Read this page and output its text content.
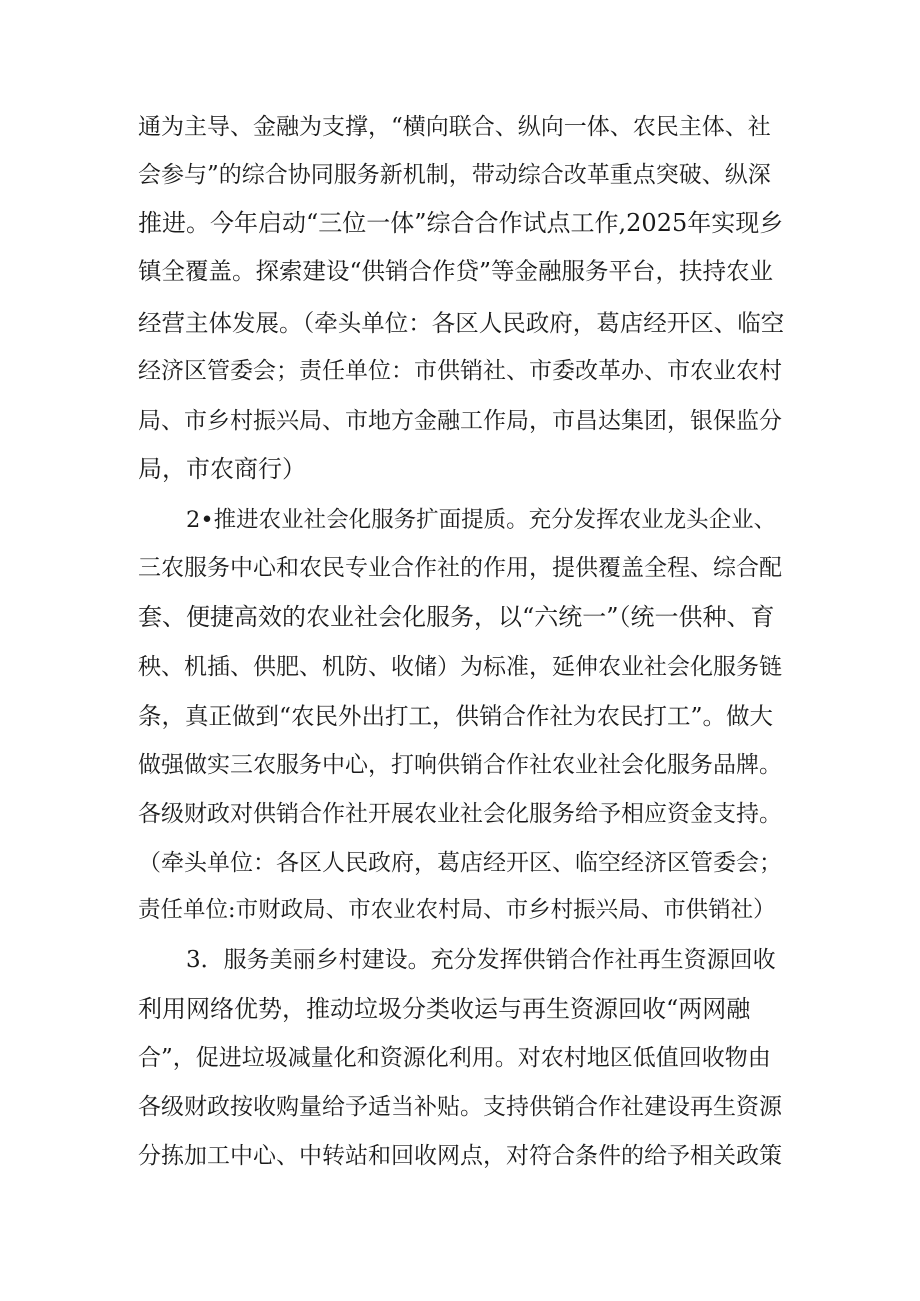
通为主导、金融为支撑，“横向联合、纵向一体、农民主体、社
会参与”的综合协同服务新机制，带动综合改革重点突破、纵深
推进。今年启动“三位一体”综合合作试点工作,2025年实现乡
镇全覆盖。探索建设“供销合作贷”等金融服务平台，扶持农业
经营主体发展。（牵头单位：各区人民政府，葛店经开区、临空
经济区管委会；责任单位：市供销社、市委改革办、市农业农村
局、市乡村振兴局、市地方金融工作局，市昌达集团，银保监分
局，市农商行）
2•推进农业社会化服务扩面提质。充分发挥农业龙头企业、
三农服务中心和农民专业合作社的作用，提供覆盖全程、综合配
套、便捷高效的农业社会化服务，以“六统一”（统一供种、育
秧、机插、供肥、机防、收储）为标准，延伸农业社会化服务链
条，真正做到“农民外出打工，供销合作社为农民打工”。做大
做强做实三农服务中心，打响供销合作社农业社会化服务品牌。
各级财政对供销合作社开展农业社会化服务给予相应资金支持。
（牵头单位：各区人民政府，葛店经开区、临空经济区管委会；
责任单位:市财政局、市农业农村局、市乡村振兴局、市供销社）
3．服务美丽乡村建设。充分发挥供销合作社再生资源回收
利用网络优势，推动垃圾分类收运与再生资源回收“两网融
合”，促进垃圾减量化和资源化利用。对农村地区低值回收物由
各级财政按收购量给予适当补贴。支持供销合作社建设再生资源
分拣加工中心、中转站和回收网点，对符合条件的给予相关政策
